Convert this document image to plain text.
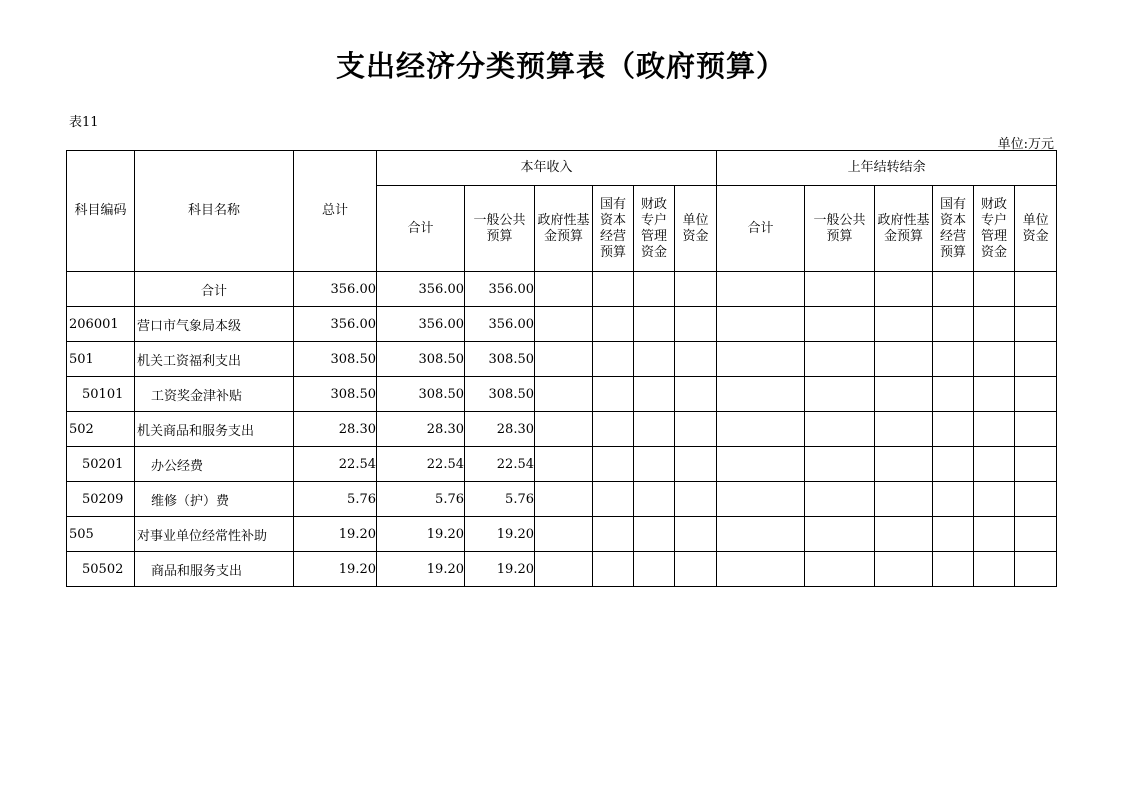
支出经济分类预算表（政府预算）
表11
单位:万元
科目编码	科目名称	总计	本年收入						上年结转结余					
			合计	一般公共预算	政府性基金预算	国有资本经营预算	财政专户管理资金	单位资金	合计	一般公共预算	政府性基金预算	国有资本经营预算	财政专户管理资金	单位资金
	合计	356.00	356.00	356.00										
206001	营口市气象局本级	356.00	356.00	356.00										
501	机关工资福利支出	308.50	308.50	308.50										
50101	工资奖金津补贴	308.50	308.50	308.50										
502	机关商品和服务支出	28.30	28.30	28.30										
50201	办公经费	22.54	22.54	22.54										
50209	维修（护）费	5.76	5.76	5.76										
505	对事业单位经常性补助	19.20	19.20	19.20										
50502	商品和服务支出	19.20	19.20	19.20										
